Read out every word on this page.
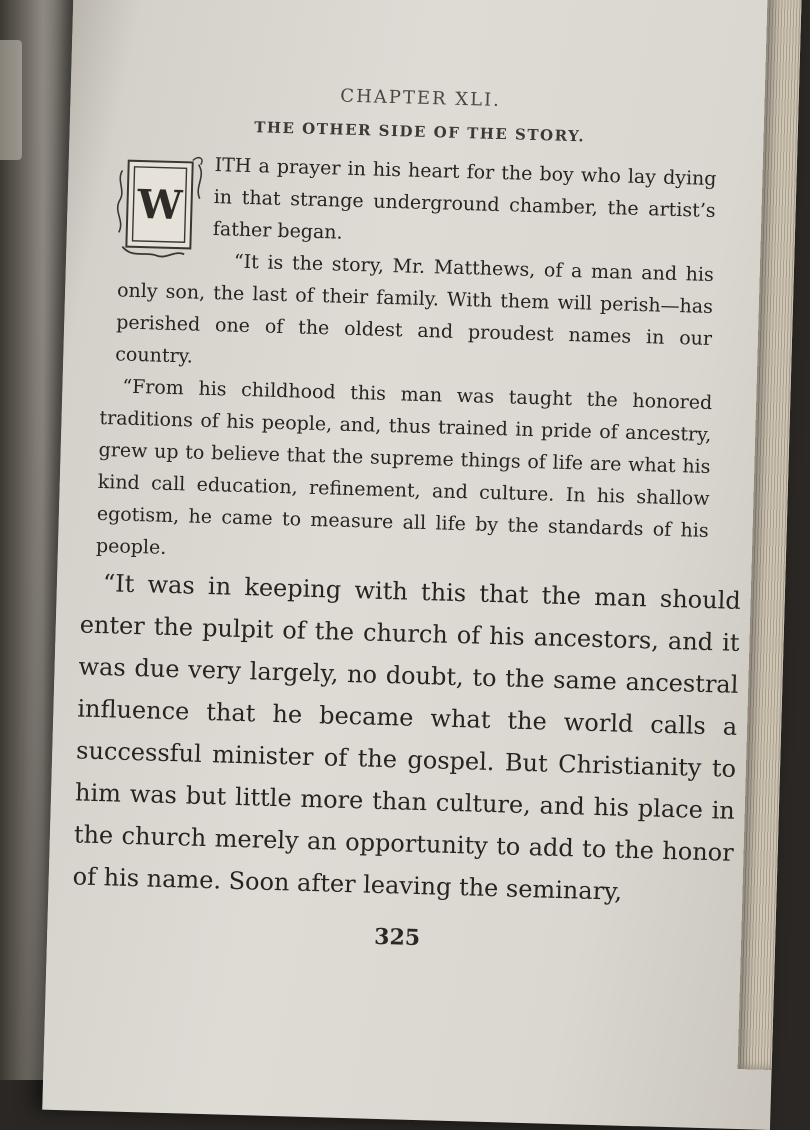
CHAPTER XLI.
THE OTHER SIDE OF THE STORY.
W

ITH a prayer in his heart for the boy who lay dying in that strange underground chamber, the artist’s father began.

“It is the story, Mr. Matthews, of a man and his only son, the last of their family. With them will perish—has perished one of the oldest and proudest names in our country.

“From his childhood this man was taught the honored traditions of his people, and, thus trained in pride of ancestry, grew up to believe that the supreme things of life are what his kind call education, refinement, and culture. In his shallow egotism, he came to measure all life by the standards of his people.

“It was in keeping with this that the man should enter the pulpit of the church of his ancestors, and it was due very largely, no doubt, to the same ancestral influence that he became what the world calls a successful minister of the gospel. But Christianity to him was but little more than culture, and his place in the church merely an opportunity to add to the honor of his name. Soon after leaving the seminary,

325
